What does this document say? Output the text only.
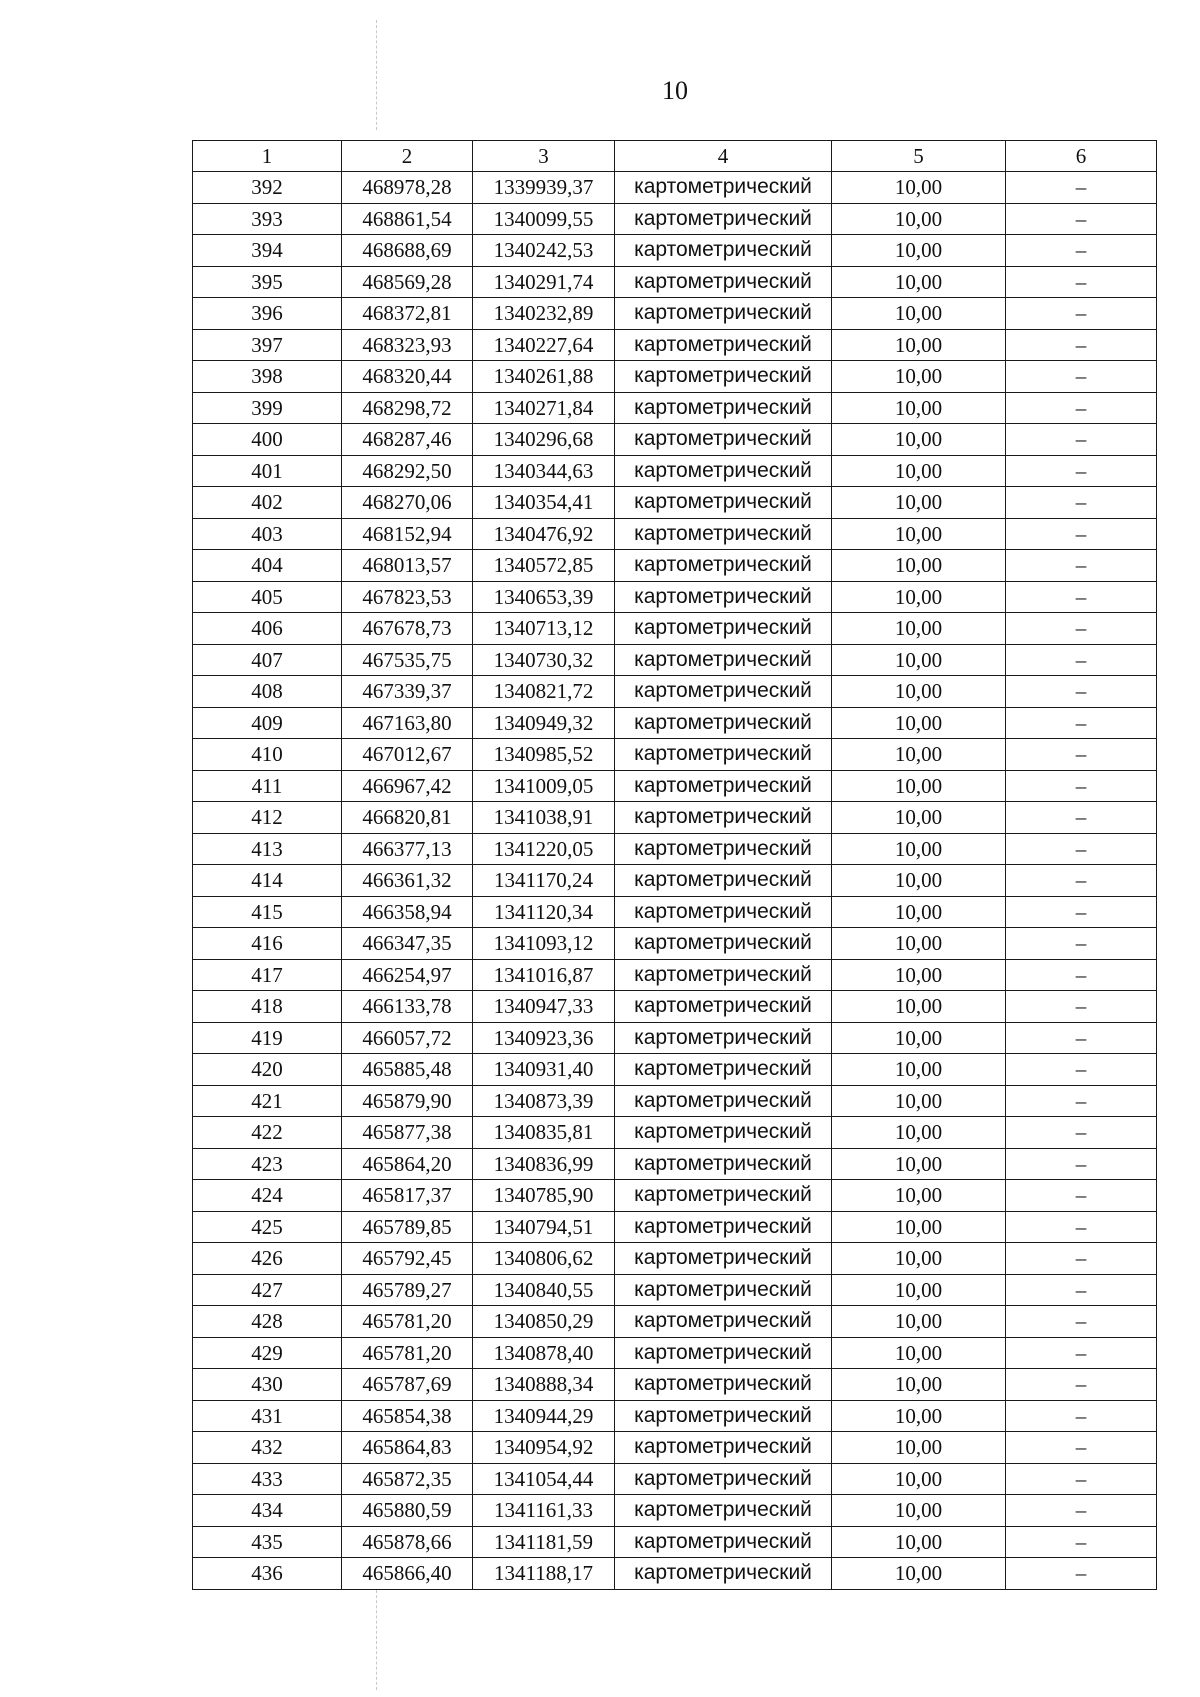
10
1	2	3	4	5	6
392	468978,28	1339939,37	картометрический	10,00	–
393	468861,54	1340099,55	картометрический	10,00	–
394	468688,69	1340242,53	картометрический	10,00	–
395	468569,28	1340291,74	картометрический	10,00	–
396	468372,81	1340232,89	картометрический	10,00	–
397	468323,93	1340227,64	картометрический	10,00	–
398	468320,44	1340261,88	картометрический	10,00	–
399	468298,72	1340271,84	картометрический	10,00	–
400	468287,46	1340296,68	картометрический	10,00	–
401	468292,50	1340344,63	картометрический	10,00	–
402	468270,06	1340354,41	картометрический	10,00	–
403	468152,94	1340476,92	картометрический	10,00	–
404	468013,57	1340572,85	картометрический	10,00	–
405	467823,53	1340653,39	картометрический	10,00	–
406	467678,73	1340713,12	картометрический	10,00	–
407	467535,75	1340730,32	картометрический	10,00	–
408	467339,37	1340821,72	картометрический	10,00	–
409	467163,80	1340949,32	картометрический	10,00	–
410	467012,67	1340985,52	картометрический	10,00	–
411	466967,42	1341009,05	картометрический	10,00	–
412	466820,81	1341038,91	картометрический	10,00	–
413	466377,13	1341220,05	картометрический	10,00	–
414	466361,32	1341170,24	картометрический	10,00	–
415	466358,94	1341120,34	картометрический	10,00	–
416	466347,35	1341093,12	картометрический	10,00	–
417	466254,97	1341016,87	картометрический	10,00	–
418	466133,78	1340947,33	картометрический	10,00	–
419	466057,72	1340923,36	картометрический	10,00	–
420	465885,48	1340931,40	картометрический	10,00	–
421	465879,90	1340873,39	картометрический	10,00	–
422	465877,38	1340835,81	картометрический	10,00	–
423	465864,20	1340836,99	картометрический	10,00	–
424	465817,37	1340785,90	картометрический	10,00	–
425	465789,85	1340794,51	картометрический	10,00	–
426	465792,45	1340806,62	картометрический	10,00	–
427	465789,27	1340840,55	картометрический	10,00	–
428	465781,20	1340850,29	картометрический	10,00	–
429	465781,20	1340878,40	картометрический	10,00	–
430	465787,69	1340888,34	картометрический	10,00	–
431	465854,38	1340944,29	картометрический	10,00	–
432	465864,83	1340954,92	картометрический	10,00	–
433	465872,35	1341054,44	картометрический	10,00	–
434	465880,59	1341161,33	картометрический	10,00	–
435	465878,66	1341181,59	картометрический	10,00	–
436	465866,40	1341188,17	картометрический	10,00	–
